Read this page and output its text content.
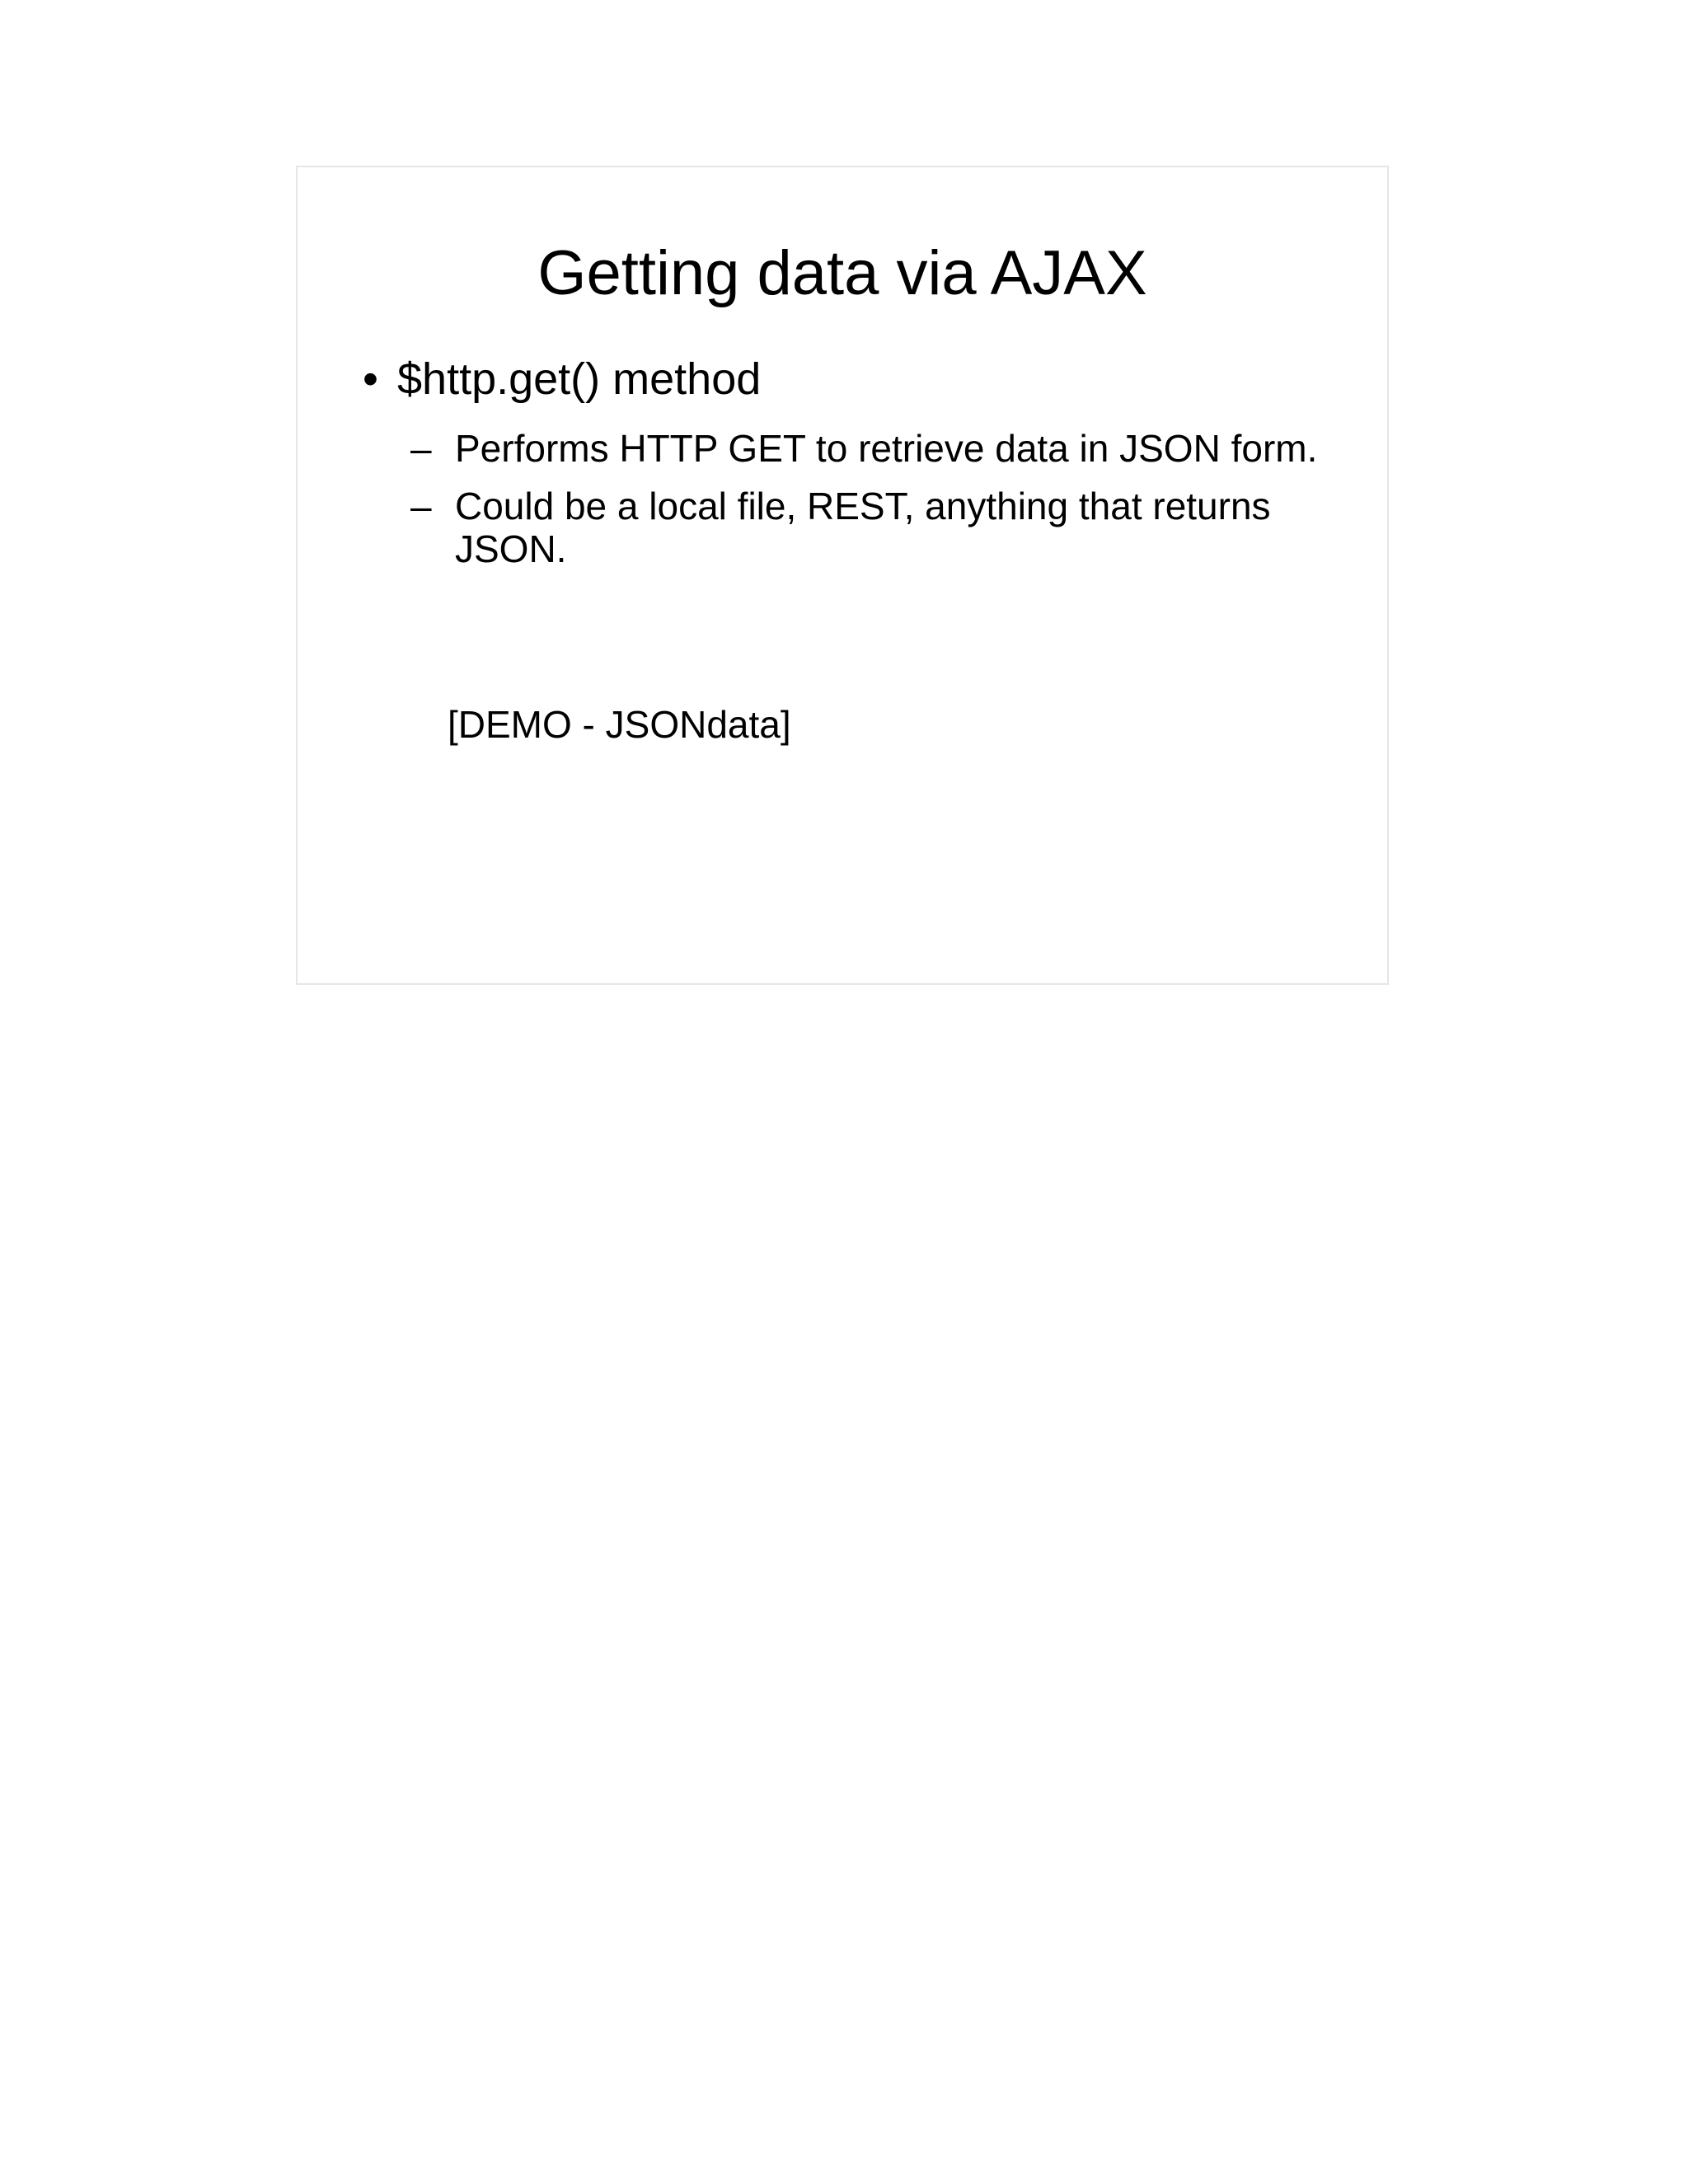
Getting data via AJAX
• $http.get() method
– Performs HTTP GET to retrieve data in JSON form.
– Could be a local file, REST, anything that returns JSON.
[DEMO - JSONdata]
